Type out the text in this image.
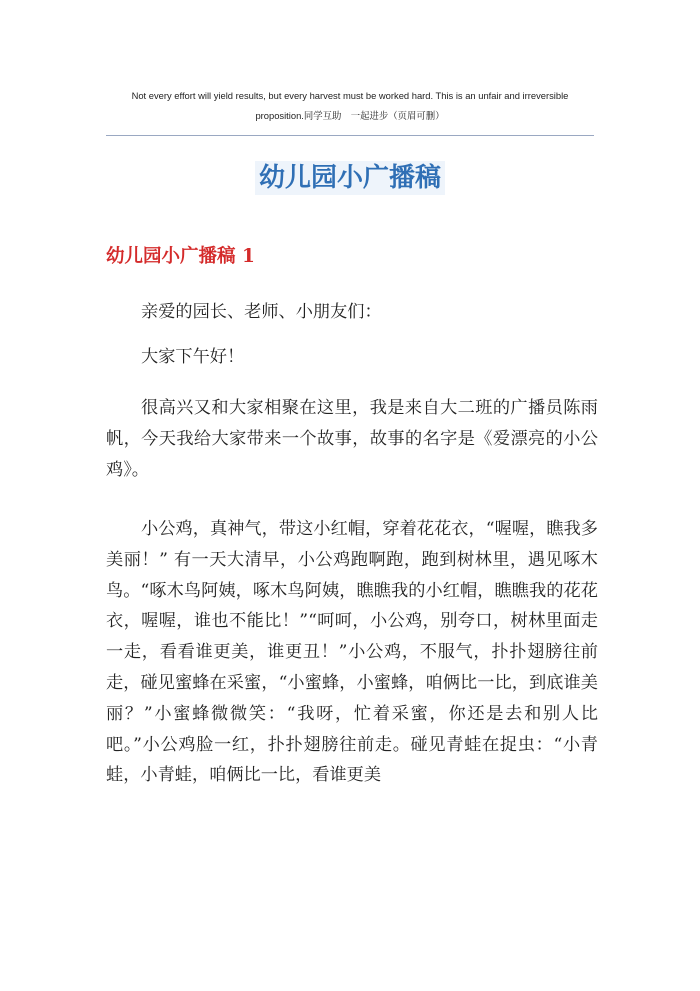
Not every effort will yield results, but every harvest must be worked hard. This is an unfair and irreversible proposition.同学互助　一起进步（页眉可删）
幼儿园小广播稿
幼儿园小广播稿 1
亲爱的园长、老师、小朋友们：
大家下午好！
很高兴又和大家相聚在这里，我是来自大二班的广播员陈雨帆，今天我给大家带来一个故事，故事的名字是《爱漂亮的小公鸡》。
小公鸡，真神气，带这小红帽，穿着花花衣，“喔喔，瞧我多美丽！” 有一天大清早，小公鸡跑啊跑，跑到树林里，遇见啄木鸟。“啄木鸟阿姨，啄木鸟阿姨，瞧瞧我的小红帽，瞧瞧我的花花衣，喔喔，谁也不能比！”“呵呵，小公鸡，别夸口，树林里面走一走，看看谁更美，谁更丑！”小公鸡，不服气，扑扑翅膀往前走，碰见蜜蜂在采蜜，“小蜜蜂，小蜜蜂，咱俩比一比，到底谁美丽？”小蜜蜂微微笑：“我呀，忙着采蜜，你还是去和别人比吧。”小公鸡脸一红，扑扑翅膀往前走。碰见青蛙在捉虫：“小青蛙，小青蛙，咱俩比一比，看谁更美
